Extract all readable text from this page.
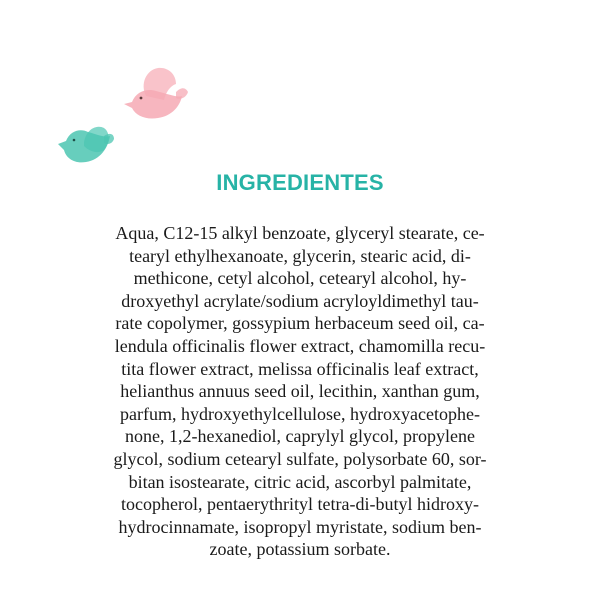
INGREDIENTES

Aqua, C12-15 alkyl benzoate, glyceryl stearate, ce-
tearyl ethylhexanoate, glycerin, stearic acid, di-
methicone, cetyl alcohol, cetearyl alcohol, hy-
droxyethyl acrylate/sodium acryloyldimethyl tau-
rate copolymer, gossypium herbaceum seed oil, ca-
lendula officinalis flower extract, chamomilla recu-
tita flower extract, melissa officinalis leaf extract,
helianthus annuus seed oil, lecithin, xanthan gum,
parfum, hydroxyethylcellulose, hydroxyacetophe-
none, 1,2-hexanediol, caprylyl glycol, propylene
glycol, sodium cetearyl sulfate, polysorbate 60, sor-
bitan isostearate, citric acid, ascorbyl palmitate,
tocopherol, pentaerythrityl tetra-di-butyl hidroxy-
hydrocinnamate, isopropyl myristate, sodium ben-
zoate, potassium sorbate.
